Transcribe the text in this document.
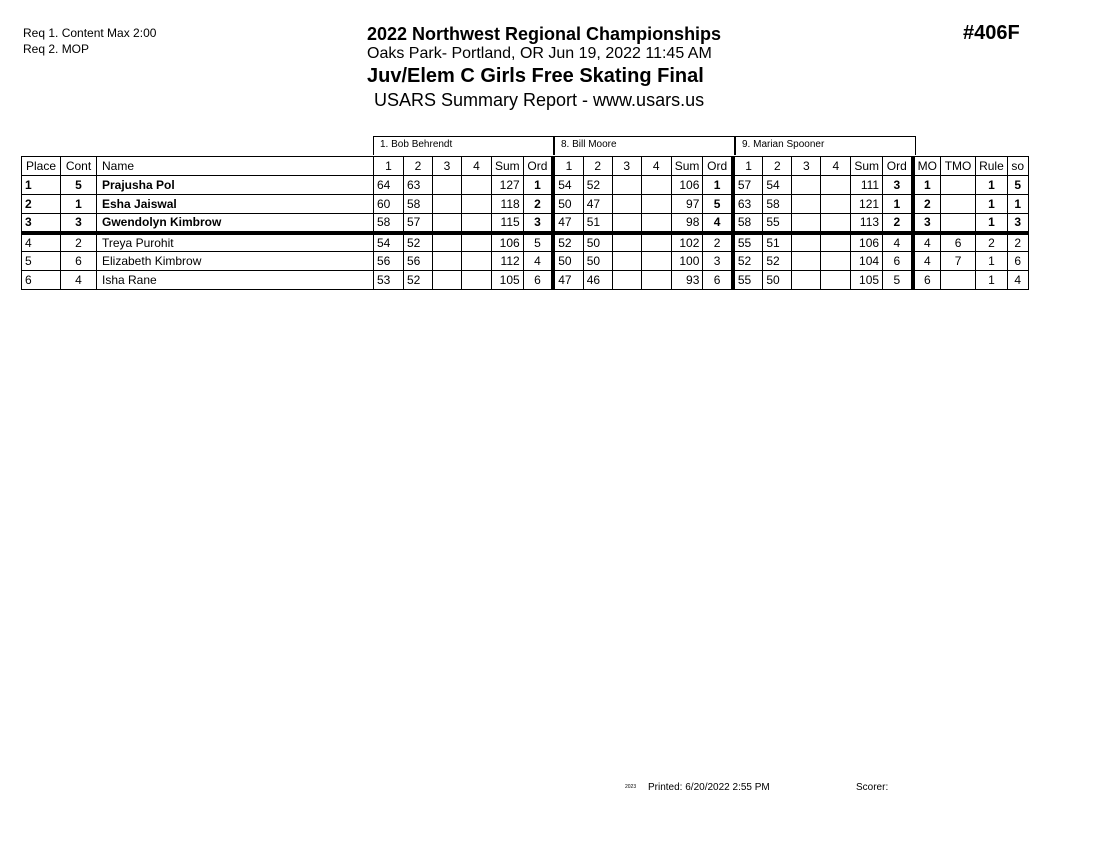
Req 1. Content Max 2:00
Req 2. MOP
2022 Northwest Regional Championships
Oaks Park- Portland, OR Jun 19, 2022 11:45 AM
Juv/Elem C Girls Free Skating Final
USARS Summary Report - www.usars.us
#406F
1. Bob Behrendt	8. Bill Moore	9. Marian Spooner
Place	Cont	Name	1	2	3	4	Sum	Ord	1	2	3	4	Sum	Ord	1	2	3	4	Sum	Ord	MO	TMO	Rule	so
1	5	Prajusha Pol	64	63			127	1	54	52			106	1	57	54			111	3	1		1	5
2	1	Esha Jaiswal	60	58			118	2	50	47			97	5	63	58			121	1	2		1	1
3	3	Gwendolyn Kimbrow	58	57			115	3	47	51			98	4	58	55			113	2	3		1	3
4	2	Treya Purohit	54	52			106	5	52	50			102	2	55	51			106	4	4	6	2	2
5	6	Elizabeth Kimbrow	56	56			112	4	50	50			100	3	52	52			104	6	4	7	1	6
6	4	Isha Rane	53	52			105	6	47	46			93	6	55	50			105	5	6		1	4
2023 Printed: 6/20/2022 2:55 PM	Scorer:
